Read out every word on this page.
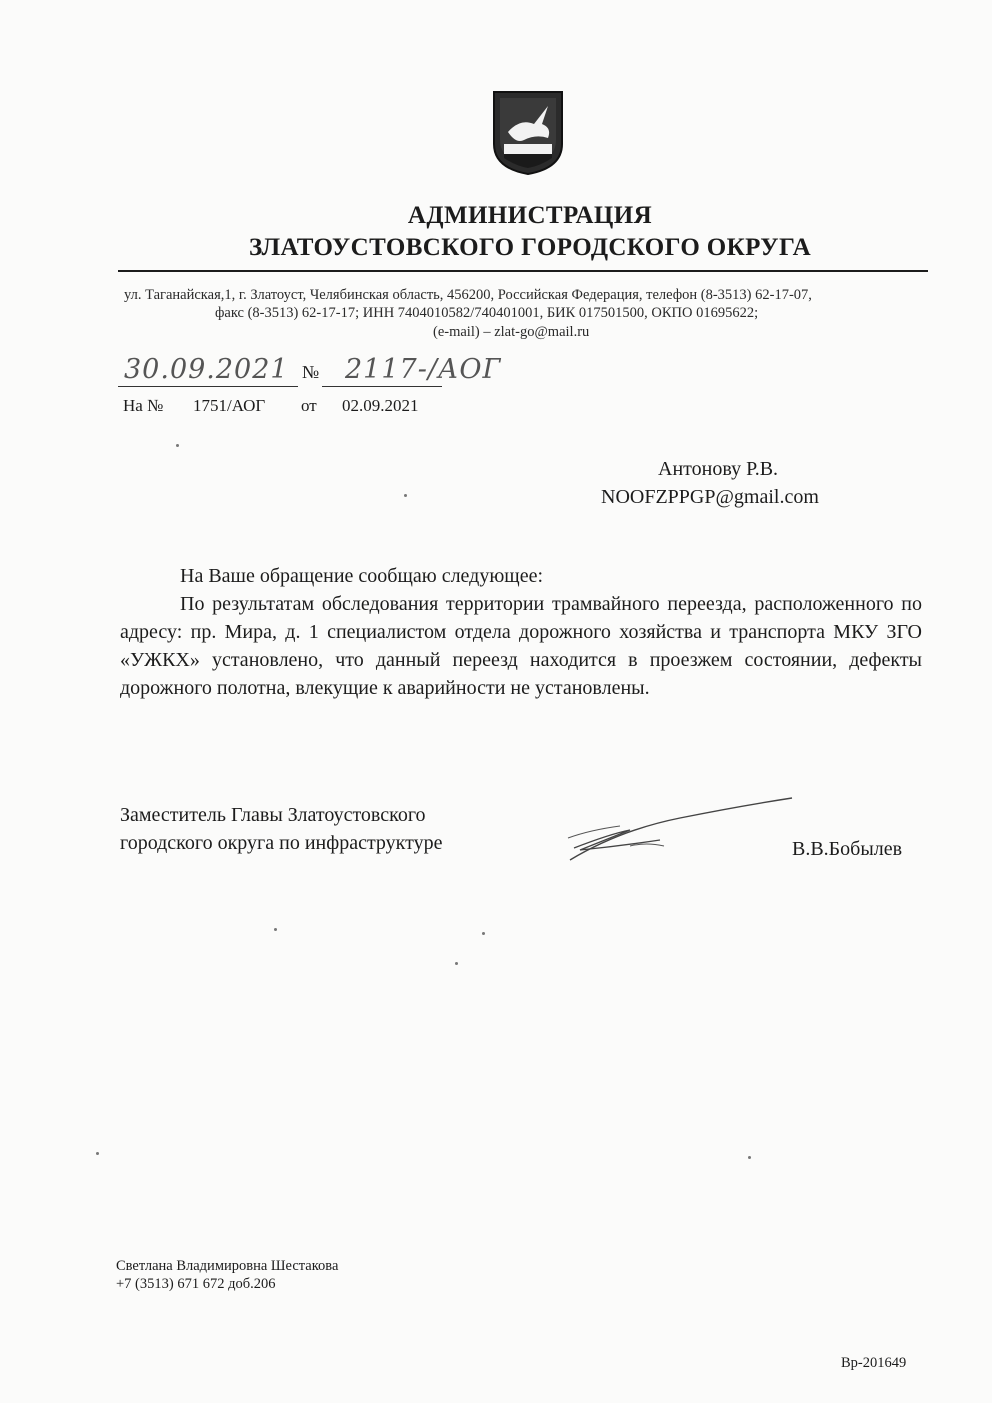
АДМИНИСТРАЦИЯ
ЗЛАТОУСТОВСКОГО ГОРОДСКОГО ОКРУГА
ул. Таганайская,1, г. Златоуст, Челябинская область, 456200, Российская Федерация, телефон (8-3513) 62-17-07,
факс (8-3513) 62-17-17; ИНН 7404010582/740401001, БИК 017501500, ОКПО 01695622;
(e-mail) – zlat-go@mail.ru
30.09.2021 № 2117-/АОГ
На № 1751/АОГ от 02.09.2021
Антонову Р.В.
NOOFZPPGP@gmail.com
На Ваше обращение сообщаю следующее:
По результатам обследования территории трамвайного переезда, расположенного по адресу: пр. Мира, д. 1 специалистом отдела дорожного хозяйства и транспорта МКУ ЗГО «УЖКХ» установлено, что данный переезд находится в проезжем состоянии, дефекты дорожного полотна, влекущие к аварийности не установлены.
Заместитель Главы Златоустовского
городского округа по инфраструктуре	В.В.Бобылев
Светлана Владимировна Шестакова
+7 (3513) 671 672 доб.206
Вр-201649
